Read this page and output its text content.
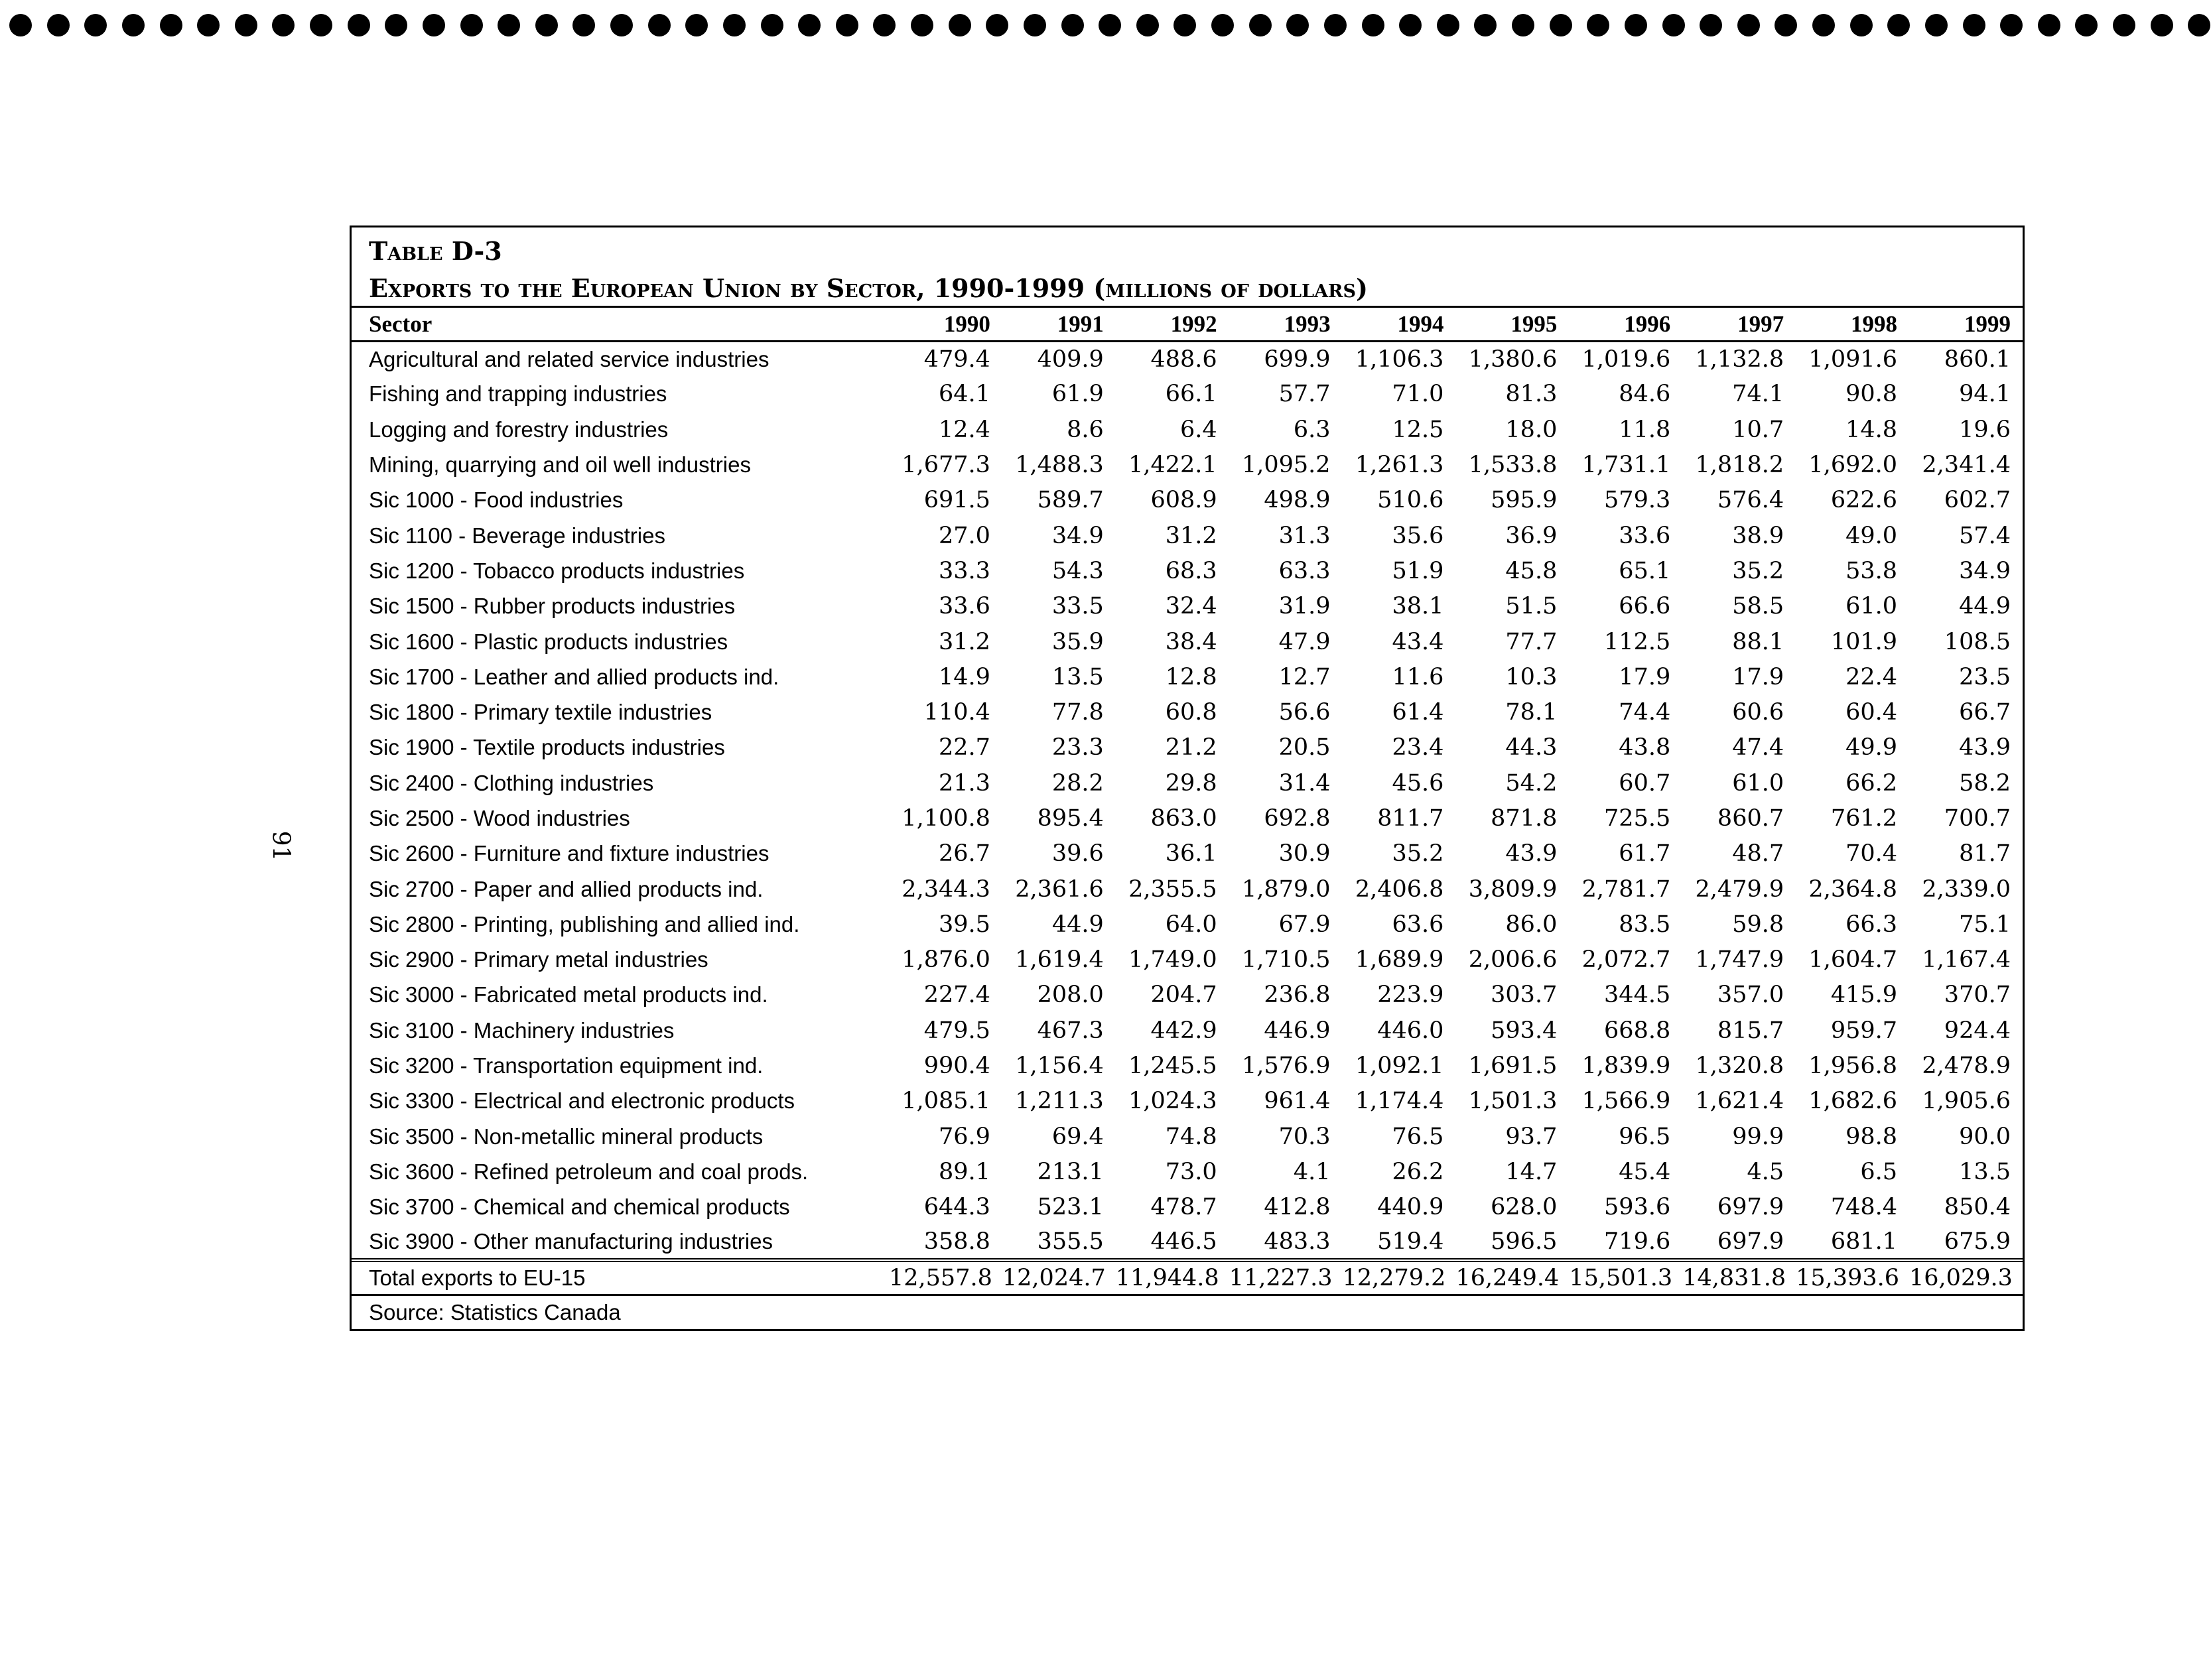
91
Table D-3
Exports to the European Union by Sector, 1990-1999 (millions of dollars)
Sector	1990	1991	1992	1993	1994	1995	1996	1997	1998	1999
Agricultural and related service industries	479.4	409.9	488.6	699.9	1,106.3	1,380.6	1,019.6	1,132.8	1,091.6	860.1
Fishing and trapping industries	64.1	61.9	66.1	57.7	71.0	81.3	84.6	74.1	90.8	94.1
Logging and forestry industries	12.4	8.6	6.4	6.3	12.5	18.0	11.8	10.7	14.8	19.6
Mining, quarrying and oil well industries	1,677.3	1,488.3	1,422.1	1,095.2	1,261.3	1,533.8	1,731.1	1,818.2	1,692.0	2,341.4
Sic 1000 - Food industries	691.5	589.7	608.9	498.9	510.6	595.9	579.3	576.4	622.6	602.7
Sic 1100 - Beverage industries	27.0	34.9	31.2	31.3	35.6	36.9	33.6	38.9	49.0	57.4
Sic 1200 - Tobacco products industries	33.3	54.3	68.3	63.3	51.9	45.8	65.1	35.2	53.8	34.9
Sic 1500 - Rubber products industries	33.6	33.5	32.4	31.9	38.1	51.5	66.6	58.5	61.0	44.9
Sic 1600 - Plastic products industries	31.2	35.9	38.4	47.9	43.4	77.7	112.5	88.1	101.9	108.5
Sic 1700 - Leather and allied products ind.	14.9	13.5	12.8	12.7	11.6	10.3	17.9	17.9	22.4	23.5
Sic 1800 - Primary textile industries	110.4	77.8	60.8	56.6	61.4	78.1	74.4	60.6	60.4	66.7
Sic 1900 - Textile products industries	22.7	23.3	21.2	20.5	23.4	44.3	43.8	47.4	49.9	43.9
Sic 2400 - Clothing industries	21.3	28.2	29.8	31.4	45.6	54.2	60.7	61.0	66.2	58.2
Sic 2500 - Wood industries	1,100.8	895.4	863.0	692.8	811.7	871.8	725.5	860.7	761.2	700.7
Sic 2600 - Furniture and fixture industries	26.7	39.6	36.1	30.9	35.2	43.9	61.7	48.7	70.4	81.7
Sic 2700 - Paper and allied products ind.	2,344.3	2,361.6	2,355.5	1,879.0	2,406.8	3,809.9	2,781.7	2,479.9	2,364.8	2,339.0
Sic 2800 - Printing, publishing and allied ind.	39.5	44.9	64.0	67.9	63.6	86.0	83.5	59.8	66.3	75.1
Sic 2900 - Primary metal industries	1,876.0	1,619.4	1,749.0	1,710.5	1,689.9	2,006.6	2,072.7	1,747.9	1,604.7	1,167.4
Sic 3000 - Fabricated metal products ind.	227.4	208.0	204.7	236.8	223.9	303.7	344.5	357.0	415.9	370.7
Sic 3100 - Machinery industries	479.5	467.3	442.9	446.9	446.0	593.4	668.8	815.7	959.7	924.4
Sic 3200 - Transportation equipment ind.	990.4	1,156.4	1,245.5	1,576.9	1,092.1	1,691.5	1,839.9	1,320.8	1,956.8	2,478.9
Sic 3300 - Electrical and electronic products	1,085.1	1,211.3	1,024.3	961.4	1,174.4	1,501.3	1,566.9	1,621.4	1,682.6	1,905.6
Sic 3500 - Non-metallic mineral products	76.9	69.4	74.8	70.3	76.5	93.7	96.5	99.9	98.8	90.0
Sic 3600 - Refined petroleum and coal prods.	89.1	213.1	73.0	4.1	26.2	14.7	45.4	4.5	6.5	13.5
Sic 3700 - Chemical and chemical products	644.3	523.1	478.7	412.8	440.9	628.0	593.6	697.9	748.4	850.4
Sic 3900 - Other manufacturing industries	358.8	355.5	446.5	483.3	519.4	596.5	719.6	697.9	681.1	675.9
Total exports to EU-15	12,557.8	12,024.7	11,944.8	11,227.3	12,279.2	16,249.4	15,501.3	14,831.8	15,393.6	16,029.3
Source: Statistics Canada										
